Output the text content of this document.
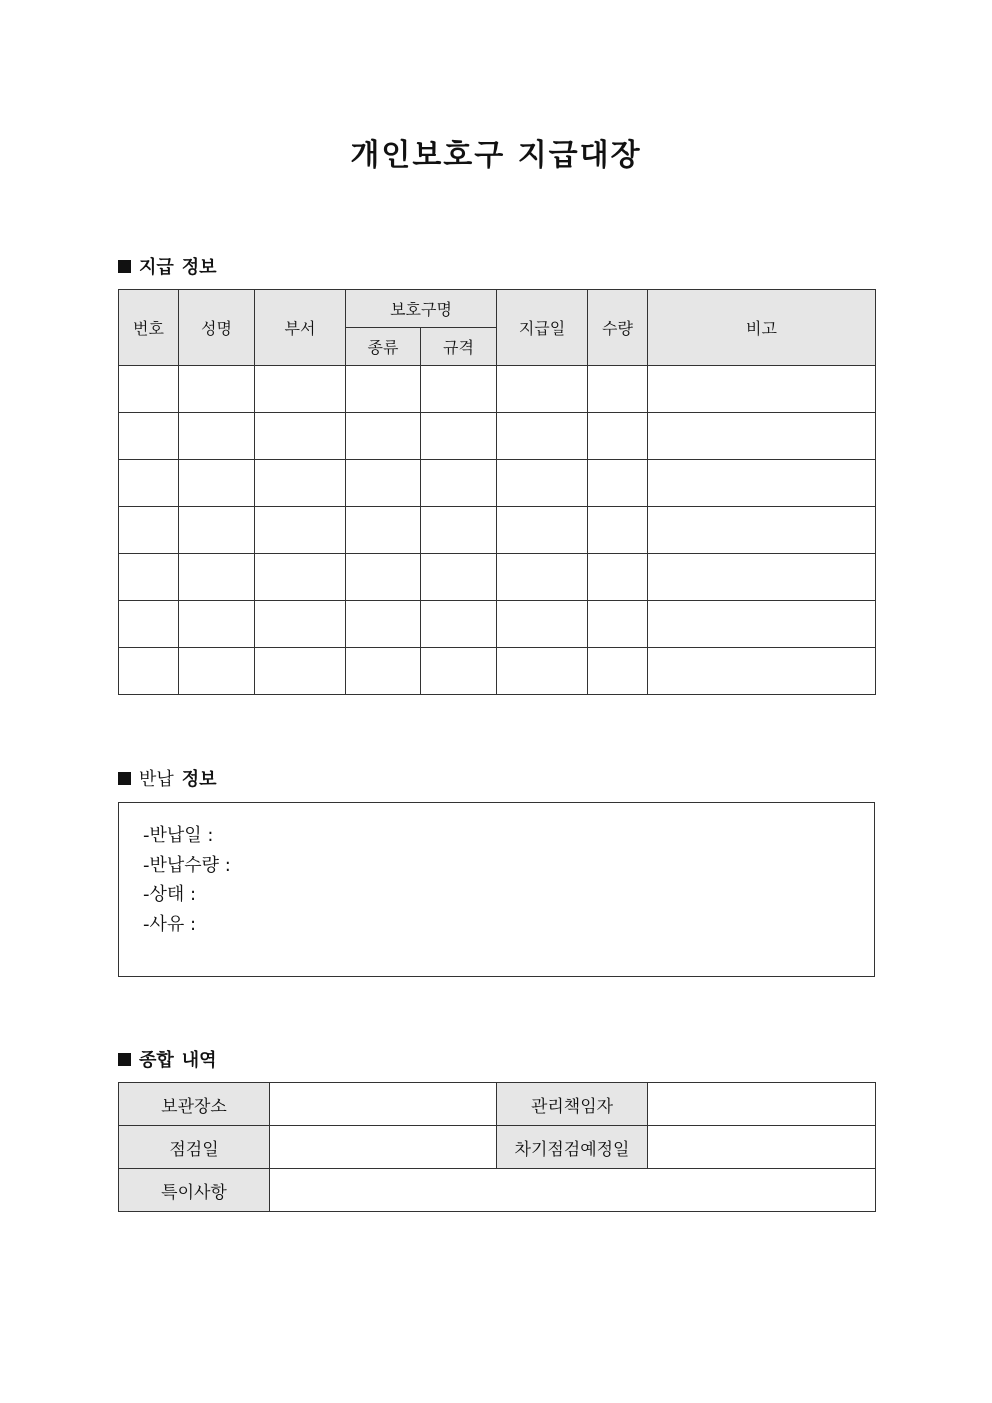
개인보호구 지급대장
지급 정보
번호	성명	부서	보호구명		지급일	수량	비고
			종류	규격			

반납 정보
-반납일 :
-반납수량 :
-상태 :
-사유 :
종합 내역
보관장소		관리책임자	
점검일		차기점검예정일	
특이사항			
